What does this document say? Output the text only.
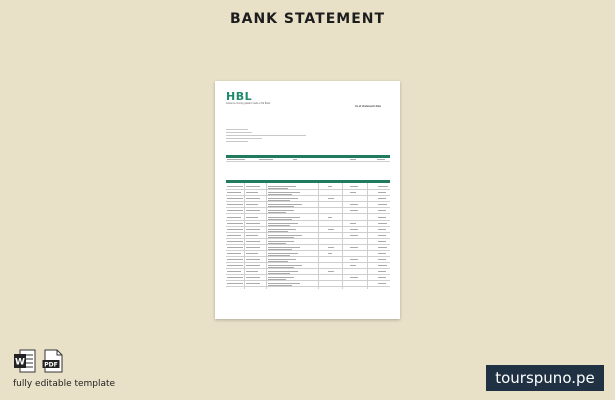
BANK STATEMENT
HBL
Advance money glazed made a Hb Bank
As of statement date
W	PDF
fully editable template	tourspuno.pe
